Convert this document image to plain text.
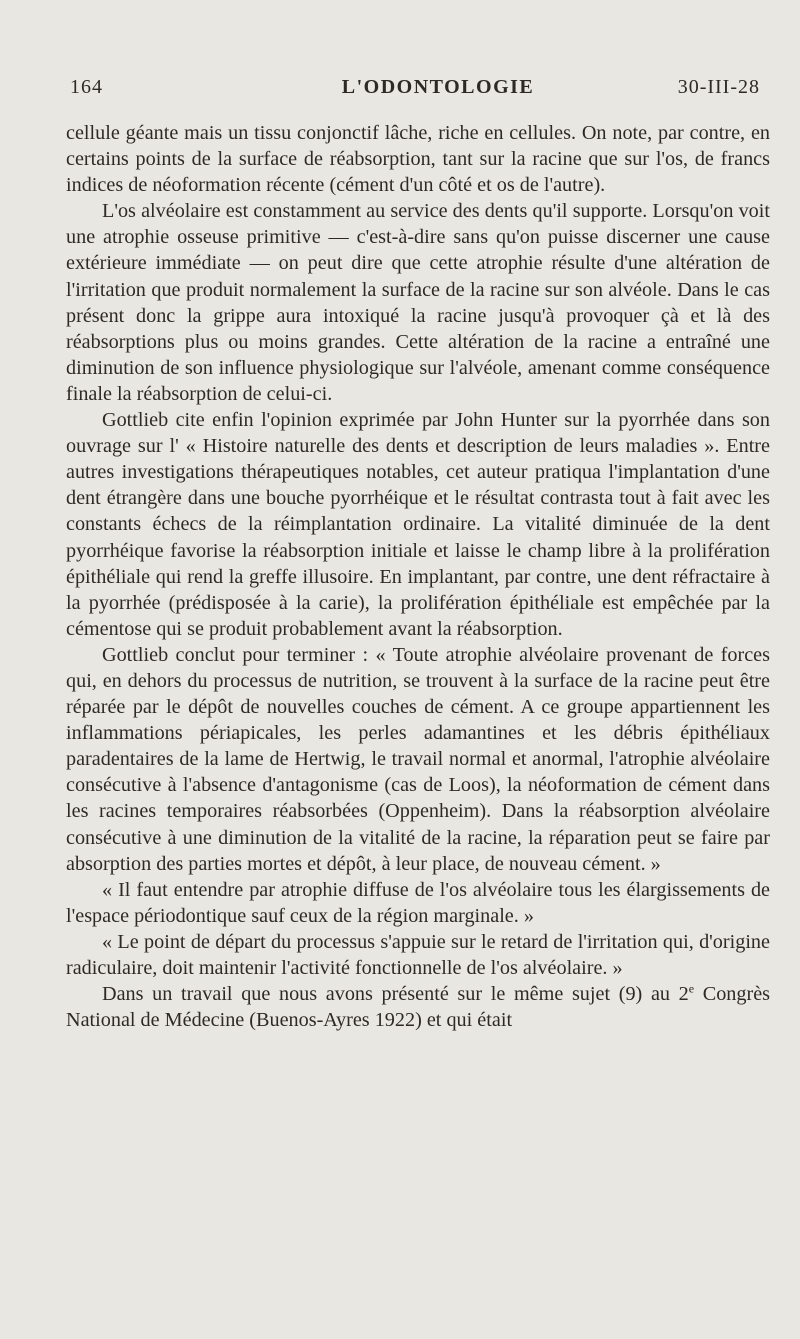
164	L'ODONTOLOGIE	30-III-28

cellule géante mais un tissu conjonctif lâche, riche en cellules. On note, par contre, en certains points de la surface de réabsorption, tant sur la racine que sur l'os, de francs indices de néoformation récente (cément d'un côté et os de l'autre).

L'os alvéolaire est constamment au service des dents qu'il supporte. Lorsqu'on voit une atrophie osseuse primitive — c'est-à-dire sans qu'on puisse discerner une cause extérieure immédiate — on peut dire que cette atrophie résulte d'une altération de l'irritation que produit normalement la surface de la racine sur son alvéole. Dans le cas présent donc la grippe aura intoxiqué la racine jusqu'à provoquer çà et là des réabsorptions plus ou moins grandes. Cette altération de la racine a entraîné une diminution de son influence physiologique sur l'alvéole, amenant comme conséquence finale la réabsorption de celui-ci.

Gottlieb cite enfin l'opinion exprimée par John Hunter sur la pyorrhée dans son ouvrage sur l' « Histoire naturelle des dents et description de leurs maladies ». Entre autres investigations thérapeutiques notables, cet auteur pratiqua l'implantation d'une dent étrangère dans une bouche pyorrhéique et le résultat contrasta tout à fait avec les constants échecs de la réimplantation ordinaire. La vitalité diminuée de la dent pyorrhéique favorise la réabsorption initiale et laisse le champ libre à la prolifération épithéliale qui rend la greffe illusoire. En implantant, par contre, une dent réfractaire à la pyorrhée (prédisposée à la carie), la prolifération épithéliale est empêchée par la cémentose qui se produit probablement avant la réabsorption.

Gottlieb conclut pour terminer : « Toute atrophie alvéolaire provenant de forces qui, en dehors du processus de nutrition, se trouvent à la surface de la racine peut être réparée par le dépôt de nouvelles couches de cément. A ce groupe appartiennent les inflammations périapicales, les perles adamantines et les débris épithéliaux paradentaires de la lame de Hertwig, le travail normal et anormal, l'atrophie alvéolaire consécutive à l'absence d'antagonisme (cas de Loos), la néoformation de cément dans les racines temporaires réabsorbées (Oppenheim). Dans la réabsorption alvéolaire consécutive à une diminution de la vitalité de la racine, la réparation peut se faire par absorption des parties mortes et dépôt, à leur place, de nouveau cément. »

« Il faut entendre par atrophie diffuse de l'os alvéolaire tous les élargissements de l'espace périodontique sauf ceux de la région marginale. »

« Le point de départ du processus s'appuie sur le retard de l'irritation qui, d'origine radiculaire, doit maintenir l'activité fonctionnelle de l'os alvéolaire. »

Dans un travail que nous avons présenté sur le même sujet (9) au 2e Congrès National de Médecine (Buenos-Ayres 1922) et qui était
